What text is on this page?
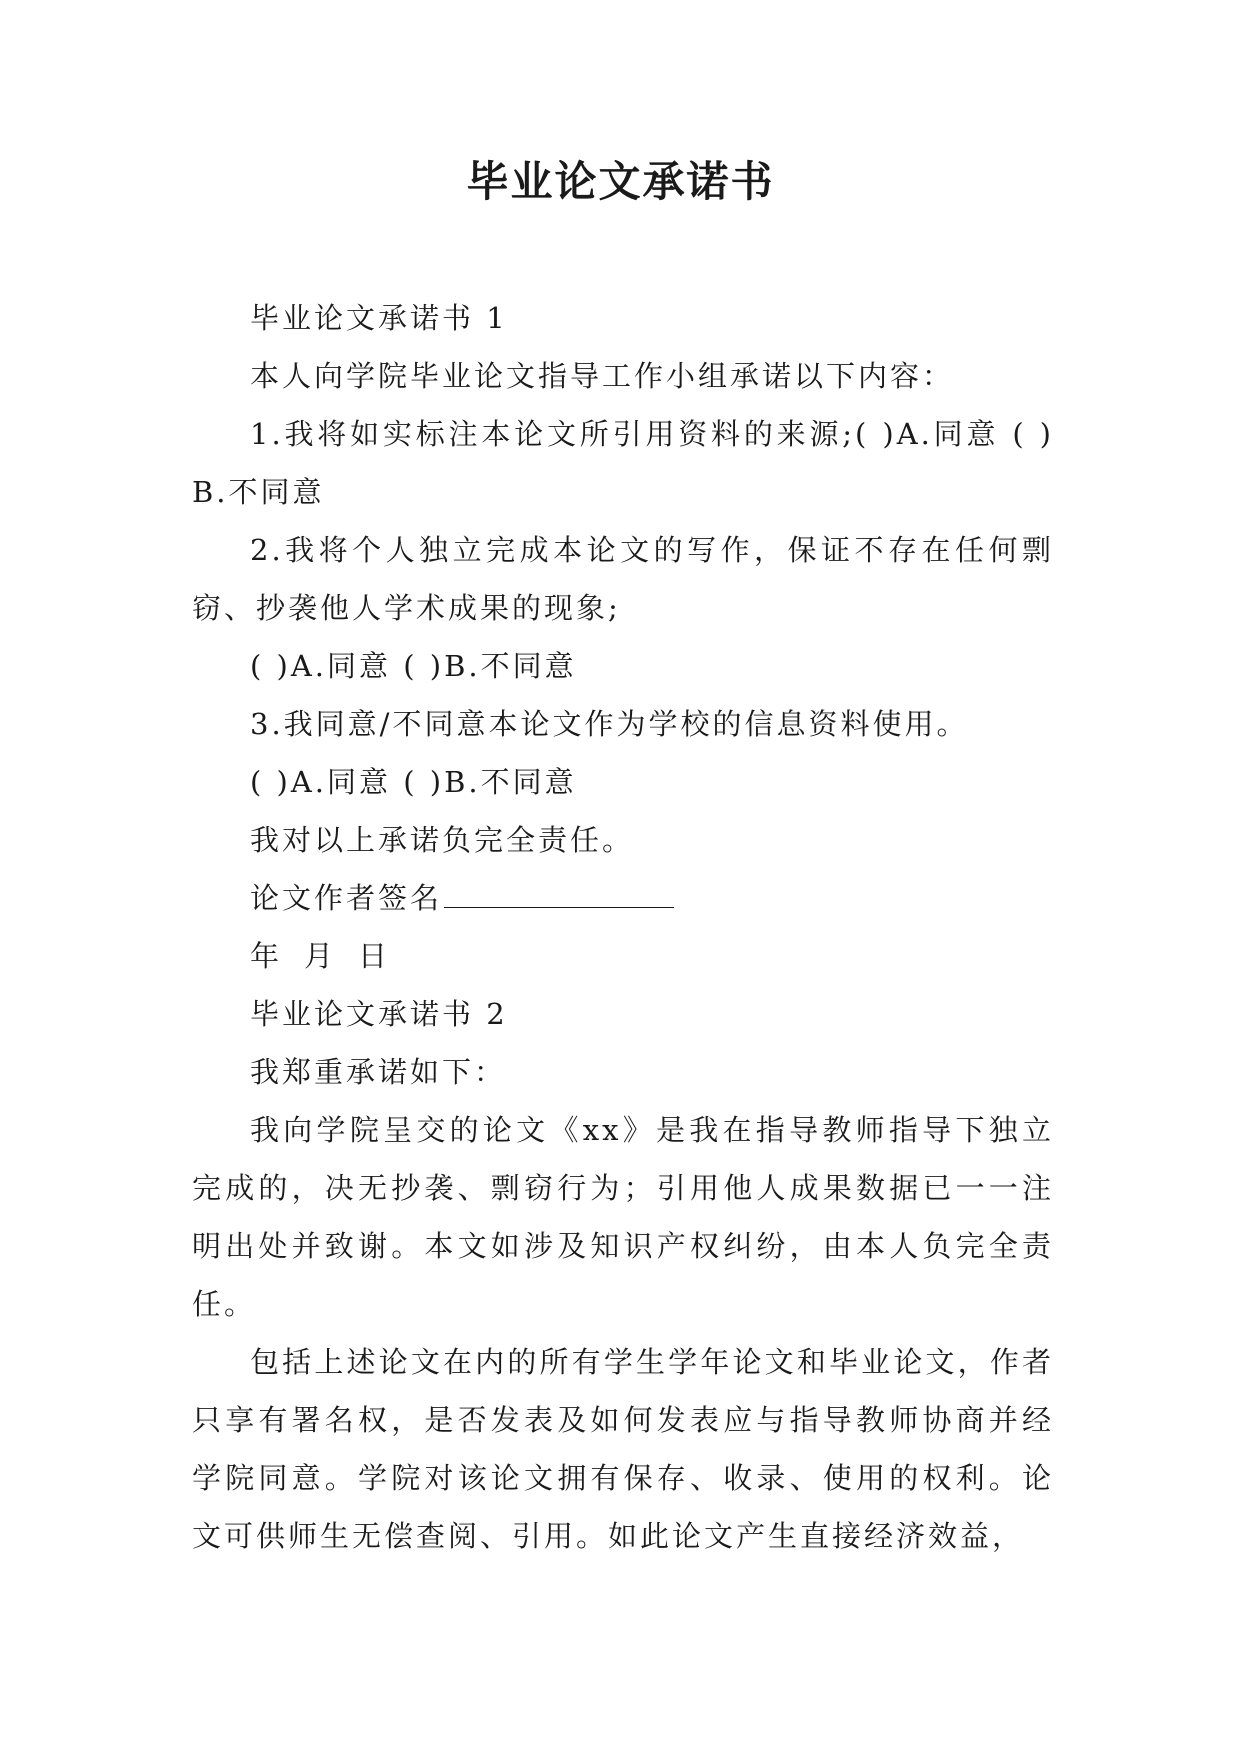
毕业论文承诺书

毕业论文承诺书 1

本人向学院毕业论文指导工作小组承诺以下内容：

1.我将如实标注本论文所引用资料的来源;( )A.同意 ( )B.不同意

2.我将个人独立完成本论文的写作，保证不存在任何剽窃、抄袭他人学术成果的现象;

( )A.同意 ( )B.不同意

3.我同意/不同意本论文作为学校的信息资料使用。

( )A.同意 ( )B.不同意

我对以上承诺负完全责任。

论文作者签名

年 月 日

毕业论文承诺书 2

我郑重承诺如下：

我向学院呈交的论文《xx》是我在指导教师指导下独立完成的，决无抄袭、剽窃行为；引用他人成果数据已一一注明出处并致谢。本文如涉及知识产权纠纷，由本人负完全责任。

包括上述论文在内的所有学生学年论文和毕业论文，作者只享有署名权，是否发表及如何发表应与指导教师协商并经学院同意。学院对该论文拥有保存、收录、使用的权利。论文可供师生无偿查阅、引用。如此论文产生直接经济效益，
